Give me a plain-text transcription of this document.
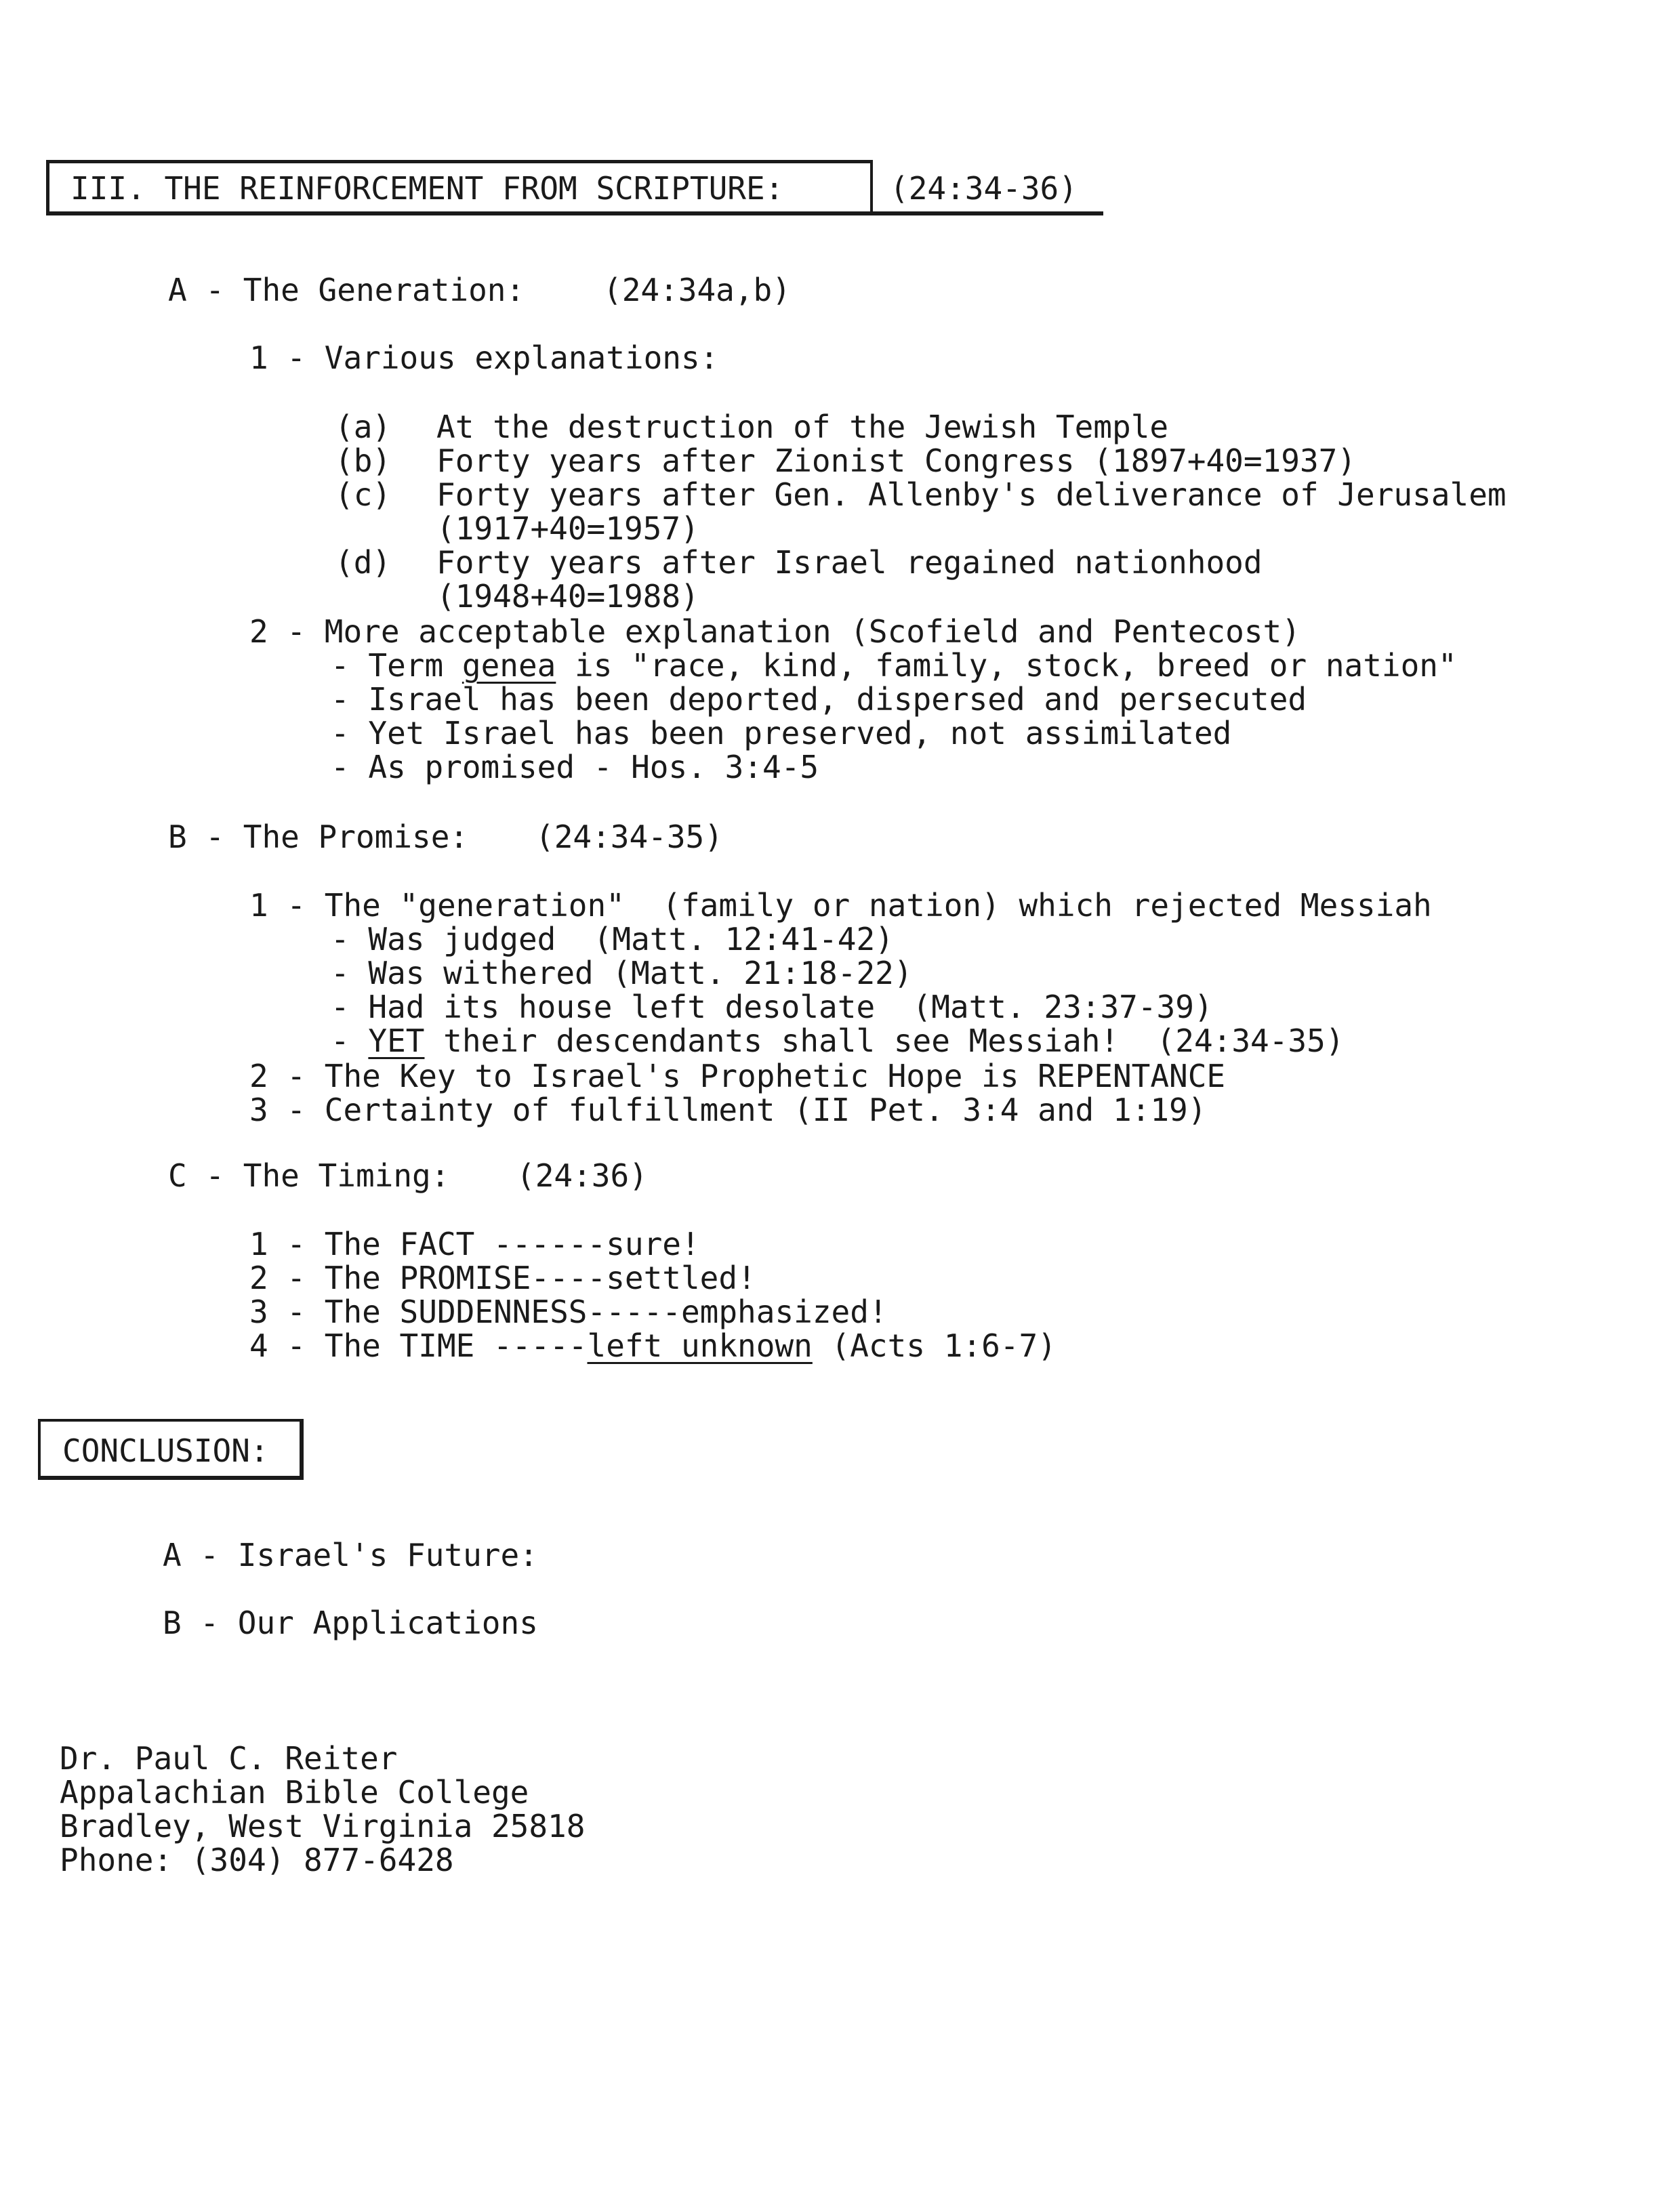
III. THE REINFORCEMENT FROM SCRIPTURE:	(24:34-36)
A - The Generation:	(24:34a,b)
1 - Various explanations:
(a) At the destruction of the Jewish Temple
(b) Forty years after Zionist Congress (1897+40=1937)
(c) Forty years after Gen. Allenby's deliverance of Jerusalem
(1917+40=1957)
(d) Forty years after Israel regained nationhood
(1948+40=1988)
2 - More acceptable explanation (Scofield and Pentecost)
- Term genea is "race, kind, family, stock, breed or nation"
- Israel has been deported, dispersed and persecuted
- Yet Israel has been preserved, not assimilated
- As promised - Hos. 3:4-5
B - The Promise: (24:34-35)
1 - The "generation"  (family or nation) which rejected Messiah
- Was judged  (Matt. 12:41-42)
- Was withered (Matt. 21:18-22)
- Had its house left desolate  (Matt. 23:37-39)
- YET their descendants shall see Messiah!  (24:34-35)
2 - The Key to Israel's Prophetic Hope is REPENTANCE
3 - Certainty of fulfillment (II Pet. 3:4 and 1:19)
C - The Timing: (24:36)
1 - The FACT ------sure!
2 - The PROMISE----settled!
3 - The SUDDENNESS-----emphasized!
4 - The TIME -----left unknown (Acts 1:6-7)
CONCLUSION:
A - Israel's Future:
B - Our Applications
Dr. Paul C. Reiter
Appalachian Bible College
Bradley, West Virginia 25818
Phone: (304) 877-6428
